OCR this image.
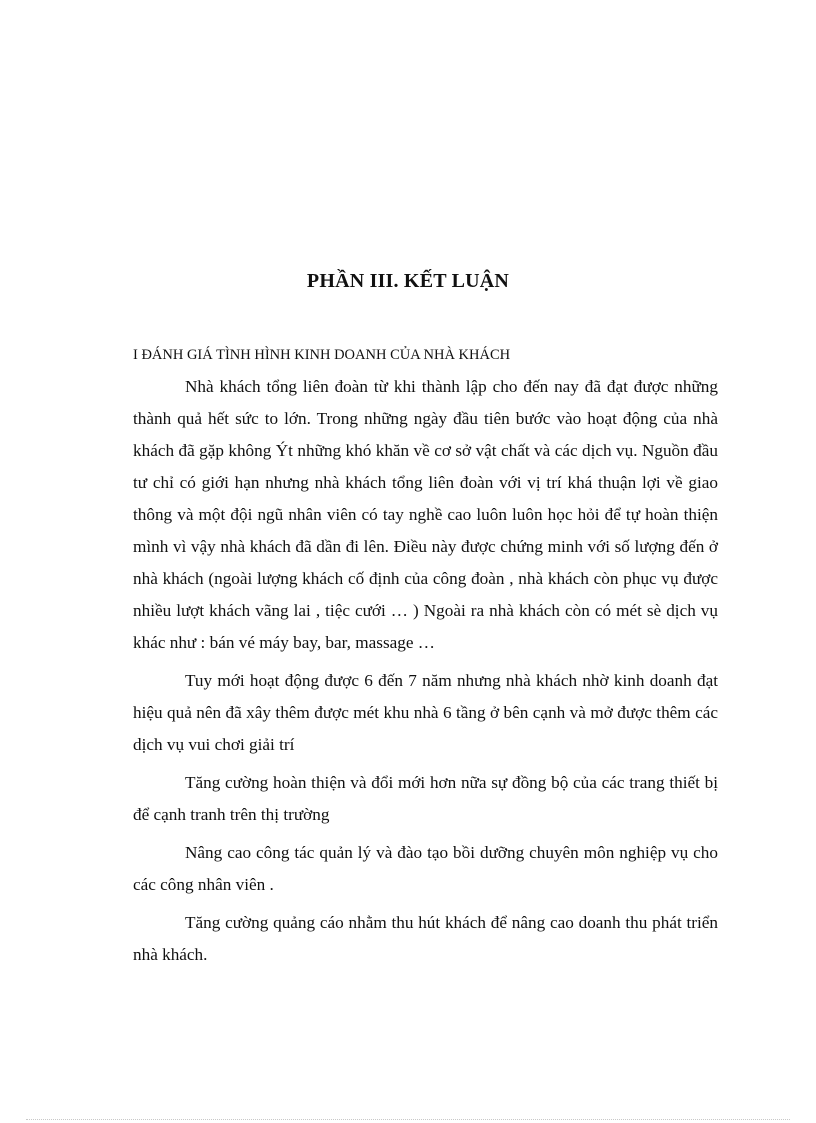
PHẦN III. KẾT LUẬN
I ĐÁNH GIÁ TÌNH HÌNH KINH DOANH CỦA NHÀ KHÁCH

Nhà khách tổng liên đoàn từ khi thành lập cho đến nay đã đạt được những thành quả hết sức to lớn. Trong những ngày đầu tiên bước vào hoạt động của nhà khách đã gặp không Ýt những khó khăn về cơ sở vật chất và các dịch vụ. Nguồn đầu tư chỉ có giới hạn nhưng nhà khách tổng liên đoàn với vị trí khá thuận lợi về giao thông và một đội ngũ nhân viên có tay nghề cao luôn luôn học hỏi để tự hoàn thiện mình vì vậy nhà khách đã dần đi lên. Điều này được chứng minh với số lượng đến ở nhà khách (ngoài lượng khách cố định của công đoàn , nhà khách còn phục vụ được nhiều lượt khách vãng lai , tiệc cưới … ) Ngoài ra nhà khách còn có mét sè dịch vụ khác như : bán vé máy bay, bar, massage …

Tuy mới hoạt động được 6 đến 7 năm nhưng nhà khách nhờ kinh doanh đạt hiệu quả nên đã xây thêm được mét khu nhà 6 tầng ở bên cạnh và mở được thêm các dịch vụ vui chơi giải trí

Tăng cường hoàn thiện và đổi mới hơn nữa sự đồng bộ của các trang thiết bị để cạnh tranh trên thị trường

Nâng cao công tác quản lý và đào tạo bồi dưỡng chuyên môn nghiệp vụ cho các công nhân viên .

Tăng cường quảng cáo nhằm thu hút khách để nâng cao doanh thu phát triển nhà khách.
